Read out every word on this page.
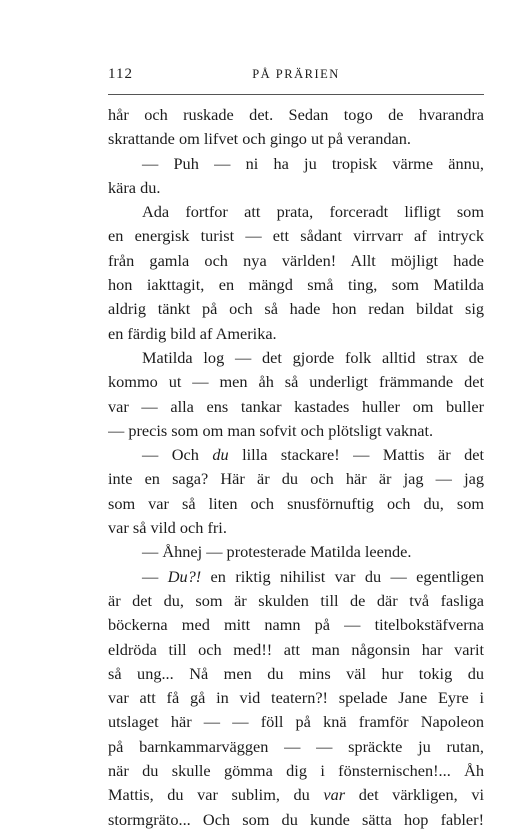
112	PÅ PRÄRIEN
hår och ruskade det. Sedan togo de hvarandra
skrattande om lifvet och gingo ut på verandan.
— Puh — ni ha ju tropisk värme ännu,
kära du.
Ada fortfor att prata, forceradt lifligt som
en energisk turist — ett sådant virrvarr af intryck
från gamla och nya världen! Allt möjligt hade
hon iakttagit, en mängd små ting, som Matilda
aldrig tänkt på och så hade hon redan bildat sig
en färdig bild af Amerika.
Matilda log — det gjorde folk alltid strax de
kommo ut — men åh så underligt främmande det
var — alla ens tankar kastades huller om buller
— precis som om man sofvit och plötsligt vaknat.
— Och du lilla stackare! — Mattis är det
inte en saga? Här är du och här är jag — jag
som var så liten och snusförnuftig och du, som
var så vild och fri.
— Åhnej — protesterade Matilda leende.
— Du?! en riktig nihilist var du — egentligen
är det du, som är skulden till de där två fasliga
böckerna med mitt namn på — titelbokstäfverna
eldröda till och med!! att man någonsin har varit
så ung... Nå men du mins väl hur tokig du
var att få gå in vid teatern?! spelade Jane Eyre i
utslaget här — — föll på knä framför Napoleon
på barnkammarväggen — — spräckte ju rutan,
när du skulle gömma dig i fönsternischen!... Åh
Mattis, du var sublim, du var det värkligen, vi
stormgräto... Och som du kunde sätta hop fabler!
